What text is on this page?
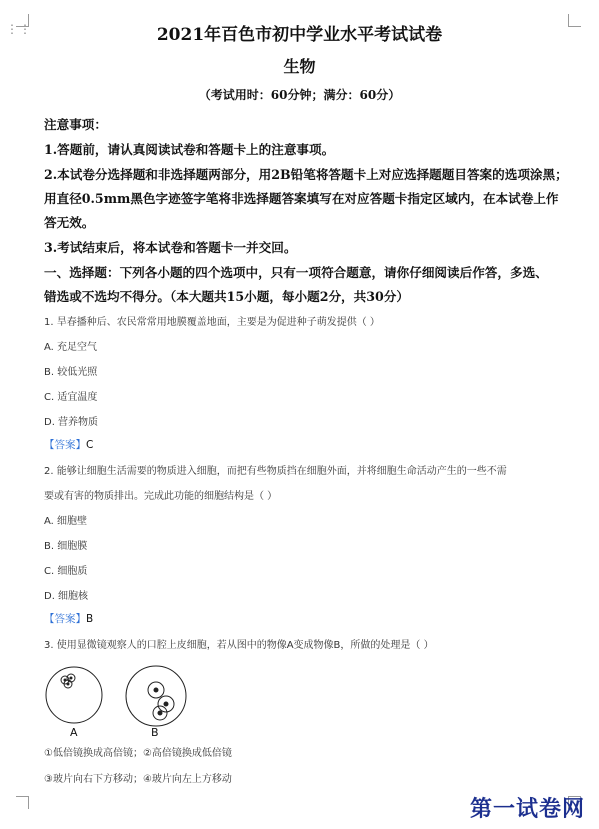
⋮⋮	2021年百色市初中学业水平考试试卷
生物
（考试用时：60分钟；满分：60分）
注意事项：
1.答题前，请认真阅读试卷和答题卡上的注意事项。
2.本试卷分选择题和非选择题两部分，用2B铅笔将答题卡上对应选择题题目答案的选项涂黑；
用直径0.5mm黑色字迹签字笔将非选择题答案填写在对应答题卡指定区域内，在本试卷上作
答无效。
3.考试结束后，将本试卷和答题卡一并交回。
一、选择题：下列各小题的四个选项中，只有一项符合题意，请你仔细阅读后作答，多选、
错选或不选均不得分。（本大题共15小题，每小题2分，共30分）
1. 旱春播种后、农民常常用地膜覆盖地面，主要是为促进种子萌发提供（ ）
A. 充足空气
B. 较低光照
C. 适宜温度
D. 营养物质
【答案】C
2. 能够让细胞生活需要的物质进入细胞，而把有些物质挡在细胞外面，并将细胞生命活动产生的一些不需
要或有害的物质排出。完成此功能的细胞结构是（ ）
A. 细胞壁
B. 细胞膜
C. 细胞质
D. 细胞核
【答案】B
3. 使用显微镜观察人的口腔上皮细胞，若从图中的物像A变成物像B，所做的处理是（ ）
A	B
①低倍镜换成高倍镜；②高倍镜换成低倍镜
③玻片向右下方移动；④玻片向左上方移动
第一试卷网
